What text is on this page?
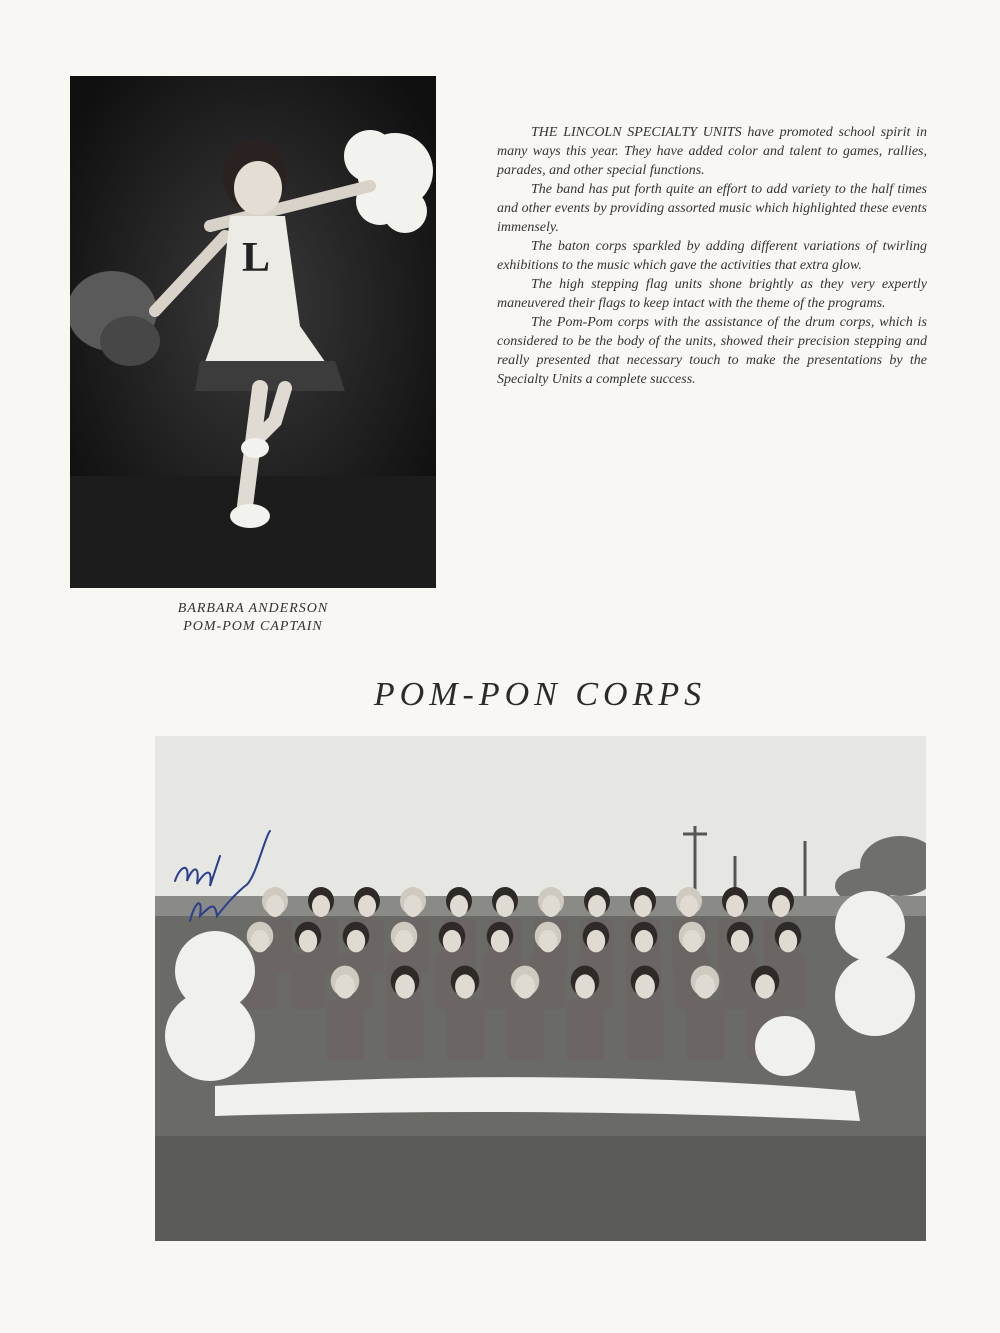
L
BARBARA ANDERSON
POM-POM CAPTAIN

THE LINCOLN SPECIALTY UNITS have promoted school spirit in many ways this year. They have added color and talent to games, rallies, parades, and other special functions.

The band has put forth quite an effort to add variety to the half times and other events by providing assorted music which highlighted these events immensely.

The baton corps sparkled by adding different variations of twirling exhibitions to the music which gave the activities that extra glow.

The high stepping flag units shone brightly as they very expertly maneuvered their flags to keep intact with the theme of the programs.

The Pom-Pom corps with the assistance of the drum corps, which is considered to be the body of the units, showed their precision stepping and really presented that necessary touch to make the presentations by the Specialty Units a complete success.

POM-PON CORPS
